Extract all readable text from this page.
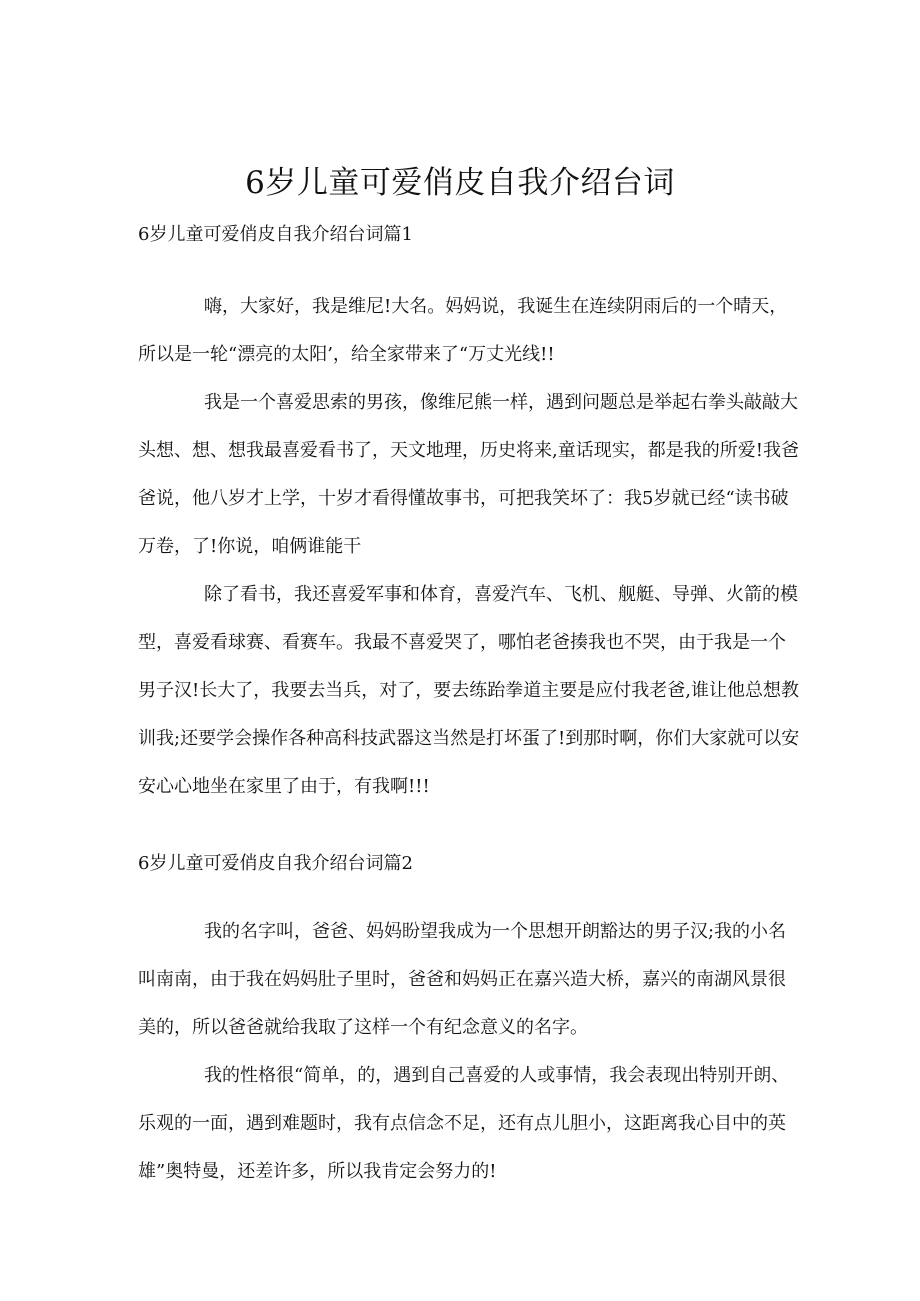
6岁儿童可爱俏皮自我介绍台词
6岁儿童可爱俏皮自我介绍台词篇1

嗨，大家好，我是维尼!大名。妈妈说，我诞生在连续阴雨后的一个晴天，所以是一轮“漂亮的太阳’，给全家带来了“万丈光线!!

我是一个喜爱思索的男孩，像维尼熊一样，遇到问题总是举起右拳头敲敲大头想、想、想我最喜爱看书了，天文地理，历史将来,童话现实，都是我的所爱!我爸爸说，他八岁才上学，十岁才看得懂故事书，可把我笑坏了：我5岁就已经“读书破万卷，了!你说，咱俩谁能干

除了看书，我还喜爱军事和体育，喜爱汽车、飞机、舰艇、导弹、火箭的模型，喜爱看球赛、看赛车。我最不喜爱哭了，哪怕老爸揍我也不哭，由于我是一个男子汉!长大了，我要去当兵，对了，要去练跆拳道主要是应付我老爸,谁让他总想教训我;还要学会操作各种高科技武器这当然是打坏蛋了!到那时啊，你们大家就可以安安心心地坐在家里了由于，有我啊!!!

6岁儿童可爱俏皮自我介绍台词篇2

我的名字叫，爸爸、妈妈盼望我成为一个思想开朗豁达的男子汉;我的小名叫南南，由于我在妈妈肚子里时，爸爸和妈妈正在嘉兴造大桥，嘉兴的南湖风景很美的，所以爸爸就给我取了这样一个有纪念意义的名字。

我的性格很“简单，的，遇到自己喜爱的人或事情，我会表现出特别开朗、乐观的一面，遇到难题时，我有点信念不足，还有点儿胆小，这距离我心目中的英雄”奥特曼，还差许多，所以我肯定会努力的!
